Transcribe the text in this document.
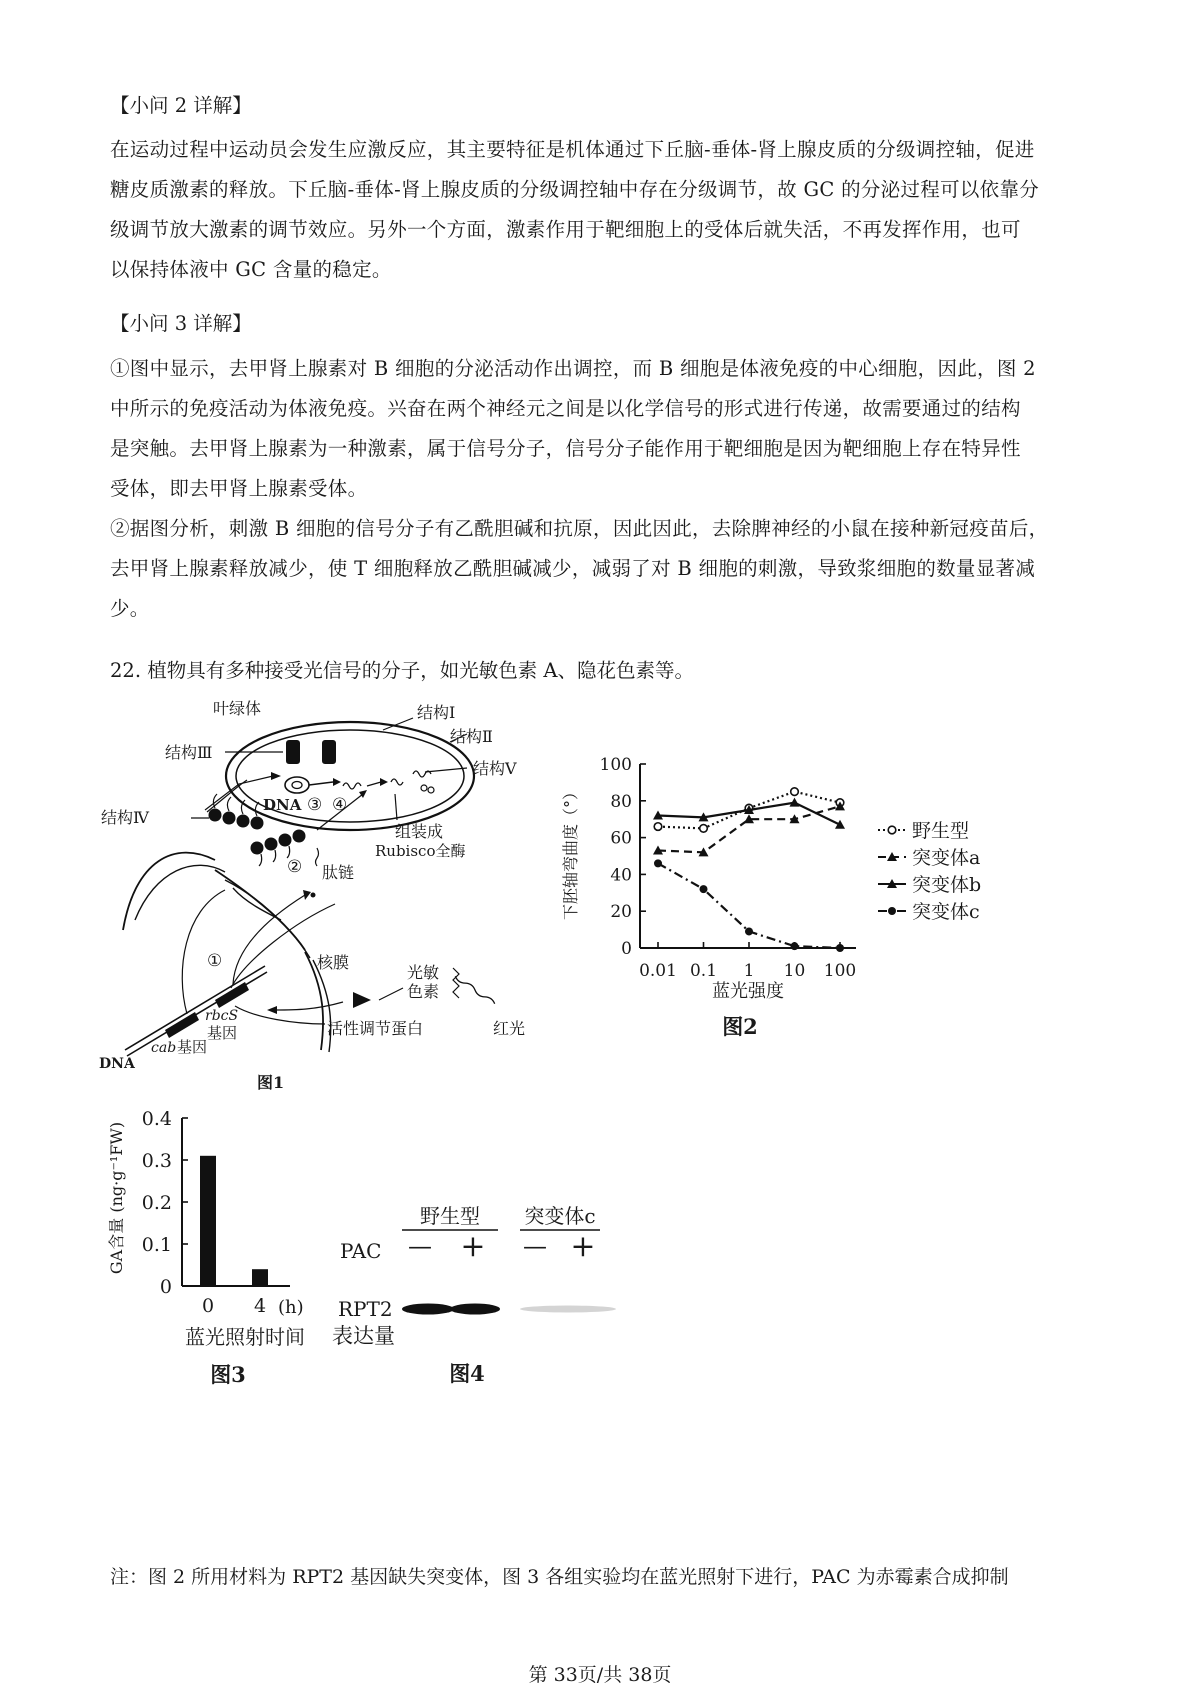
【小问 2 详解】
在运动过程中运动员会发生应激反应，其主要特征是机体通过下丘脑-垂体-肾上腺皮质的分级调控轴，促进
糖皮质激素的释放。下丘脑-垂体-肾上腺皮质的分级调控轴中存在分级调节，故 GC 的分泌过程可以依靠分
级调节放大激素的调节效应。另外一个方面，激素作用于靶细胞上的受体后就失活，不再发挥作用，也可
以保持体液中 GC 含量的稳定。
【小问 3 详解】
①图中显示，去甲肾上腺素对 B 细胞的分泌活动作出调控，而 B 细胞是体液免疫的中心细胞，因此，图 2
中所示的免疫活动为体液免疫。兴奋在两个神经元之间是以化学信号的形式进行传递，故需要通过的结构
是突触。去甲肾上腺素为一种激素，属于信号分子，信号分子能作用于靶细胞是因为靶细胞上存在特异性
受体，即去甲肾上腺素受体。
②据图分析，刺激 B 细胞的信号分子有乙酰胆碱和抗原，因此因此，去除脾神经的小鼠在接种新冠疫苗后，
去甲肾上腺素释放减少，使 T 细胞释放乙酰胆碱减少，减弱了对 B 细胞的刺激，导致浆细胞的数量显著减
少。
22. 植物具有多种接受光信号的分子，如光敏色素 A、隐花色素等。
叶绿体	结构Ⅰ
结构Ⅱ
结构Ⅲ
结构Ⅴ
结构Ⅳ
DNA ③ ④
组装成
Rubisco全酶
② 肽链
核膜
①
rbcS
基因
cab 基因
DNA
活性调节蛋白
光敏
色素
红光
图1
100
80
60
40
20
0
0.01 0.1 1 10 100
野生型
突变体a
突变体b
突变体c
下胚轴弯曲度（°）
蓝光强度
图2
0.4
0.3
0.2
0.1
0
0 4
GA含量 (ng·g⁻¹FW)
(h)
蓝光照射时间
图3
野生型 突变体c
PAC — + — +
RPT2
表达量
图4
注：图 2 所用材料为 RPT2 基因缺失突变体，图 3 各组实验均在蓝光照射下进行，PAC 为赤霉素合成抑制
第 33页/共 38页
